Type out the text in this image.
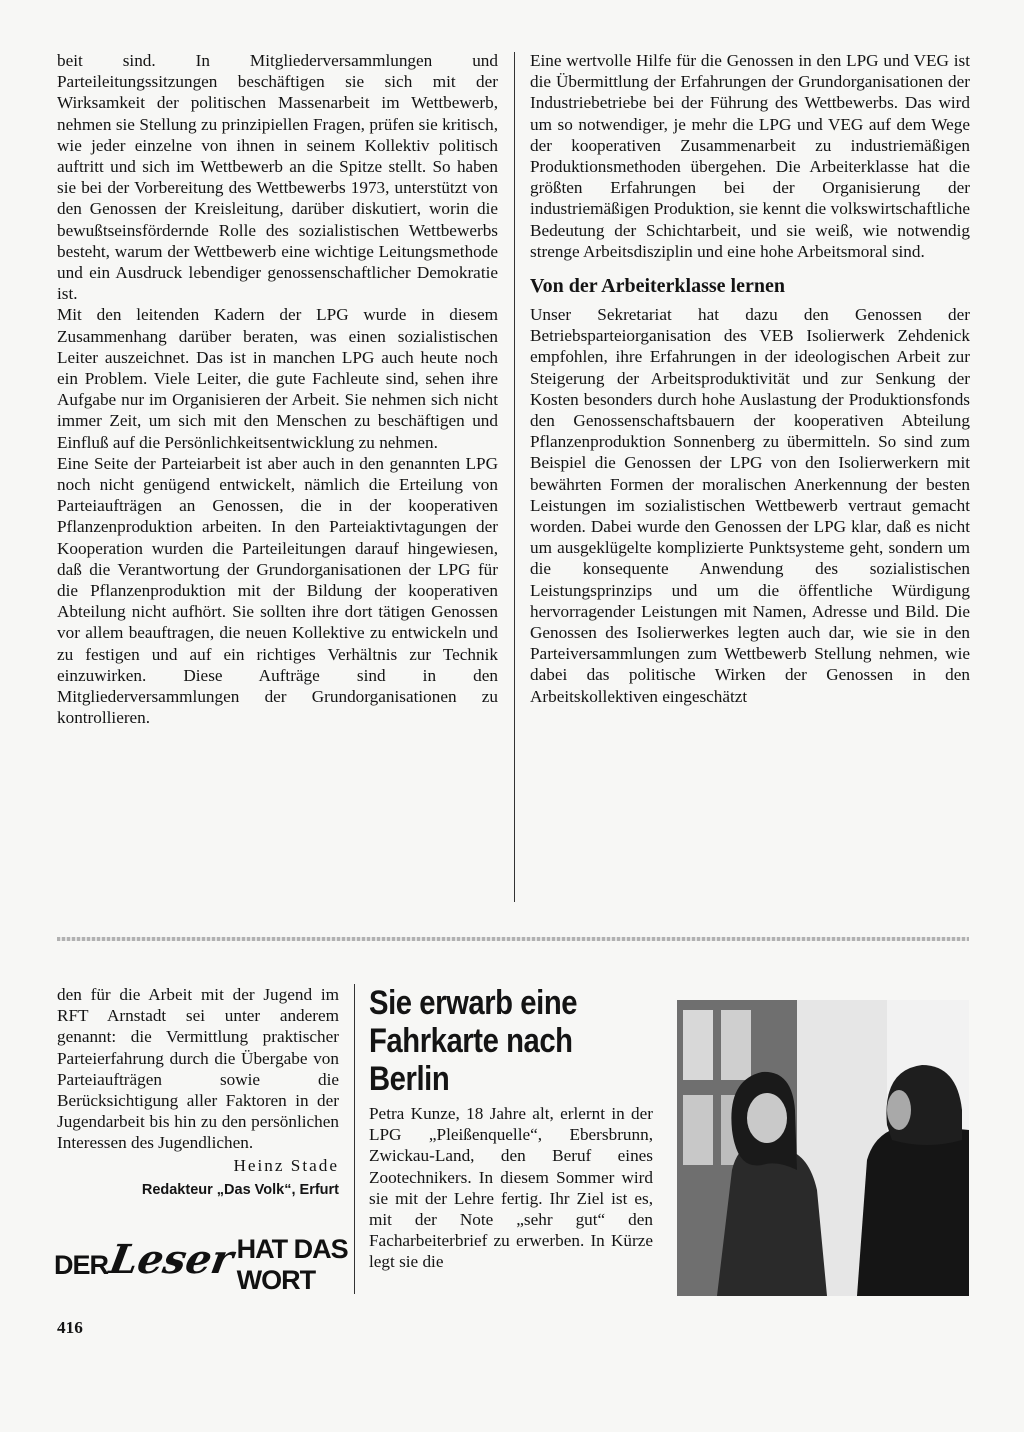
beit sind. In Mitgliederversammlungen und Parteileitungssitzungen beschäftigen sie sich mit der Wirksamkeit der politischen Massenarbeit im Wettbewerb, nehmen sie Stellung zu prinzipiellen Fragen, prüfen sie kritisch, wie jeder einzelne von ihnen in seinem Kollektiv politisch auftritt und sich im Wettbewerb an die Spitze stellt. So haben sie bei der Vorbereitung des Wettbewerbs 1973, unterstützt von den Genossen der Kreisleitung, darüber diskutiert, worin die bewußtseinsfördernde Rolle des sozialistischen Wettbewerbs besteht, warum der Wettbewerb eine wichtige Leitungsmethode und ein Ausdruck lebendiger genossenschaftlicher Demokratie ist.

Mit den leitenden Kadern der LPG wurde in diesem Zusammenhang darüber beraten, was einen sozialistischen Leiter auszeichnet. Das ist in manchen LPG auch heute noch ein Problem. Viele Leiter, die gute Fachleute sind, sehen ihre Aufgabe nur im Organisieren der Arbeit. Sie nehmen sich nicht immer Zeit, um sich mit den Menschen zu beschäftigen und Einfluß auf die Persönlichkeitsentwicklung zu nehmen.

Eine Seite der Parteiarbeit ist aber auch in den genannten LPG noch nicht genügend entwickelt, nämlich die Erteilung von Parteiaufträgen an Genossen, die in der kooperativen Pflanzenproduktion arbeiten. In den Parteiaktivtagungen der Kooperation wurden die Parteileitungen darauf hingewiesen, daß die Verantwortung der Grundorganisationen der LPG für die Pflanzenproduktion mit der Bildung der kooperativen Abteilung nicht aufhört. Sie sollten ihre dort tätigen Genossen vor allem beauftragen, die neuen Kollektive zu entwickeln und zu festigen und auf ein richtiges Verhältnis zur Technik einzuwirken. Diese Aufträge sind in den Mitgliederversammlungen der Grundorganisationen zu kontrollieren.

Eine wertvolle Hilfe für die Genossen in den LPG und VEG ist die Übermittlung der Erfahrungen der Grundorganisationen der Industriebetriebe bei der Führung des Wettbewerbs. Das wird um so notwendiger, je mehr die LPG und VEG auf dem Wege der kooperativen Zusammenarbeit zu industriemäßigen Produktionsmethoden übergehen. Die Arbeiterklasse hat die größten Erfahrungen bei der Organisierung der industriemäßigen Produktion, sie kennt die volkswirtschaftliche Bedeutung der Schichtarbeit, und sie weiß, wie notwendig strenge Arbeitsdisziplin und eine hohe Arbeitsmoral sind.

Von der Arbeiterklasse lernen

Unser Sekretariat hat dazu den Genossen der Betriebsparteiorganisation des VEB Isolierwerk Zehdenick empfohlen, ihre Erfahrungen in der ideologischen Arbeit zur Steigerung der Arbeitsproduktivität und zur Senkung der Kosten besonders durch hohe Auslastung der Produktionsfonds den Genossenschaftsbauern der kooperativen Abteilung Pflanzenproduktion Sonnenberg zu übermitteln. So sind zum Beispiel die Genossen der LPG von den Isolierwerkern mit bewährten Formen der moralischen Anerkennung der besten Leistungen im sozialistischen Wettbewerb vertraut gemacht worden. Dabei wurde den Genossen der LPG klar, daß es nicht um ausgeklügelte komplizierte Punktsysteme geht, sondern um die konsequente Anwendung des sozialistischen Leistungsprinzips und um die öffentliche Würdigung hervorragender Leistungen mit Namen, Adresse und Bild. Die Genossen des Isolierwerkes legten auch dar, wie sie in den Parteiversammlungen zum Wettbewerb Stellung nehmen, wie dabei das politische Wirken der Genossen in den Arbeitskollektiven eingeschätzt

den für die Arbeit mit der Jugend im RFT Arnstadt sei unter anderem genannt: die Vermittlung praktischer Parteierfahrung durch die Übergabe von Parteiaufträgen sowie die Berücksichtigung aller Faktoren in der Jugendarbeit bis hin zu den persönlichen Interessen des Jugendlichen.
Heinz Stade
Redakteur „Das Volk“, Erfurt
DER
Leser HAT DAS WORT
Sie erwarb eine Fahrkarte nach Berlin
Petra Kunze, 18 Jahre alt, erlernt in der LPG „Pleißenquelle“, Ebersbrunn, Zwickau-Land, den Beruf eines Zootechnikers. In diesem Sommer wird sie mit der Lehre fertig. Ihr Ziel ist es, mit der Note „sehr gut“ den Facharbeiterbrief zu erwerben. In Kürze legt sie die
416
